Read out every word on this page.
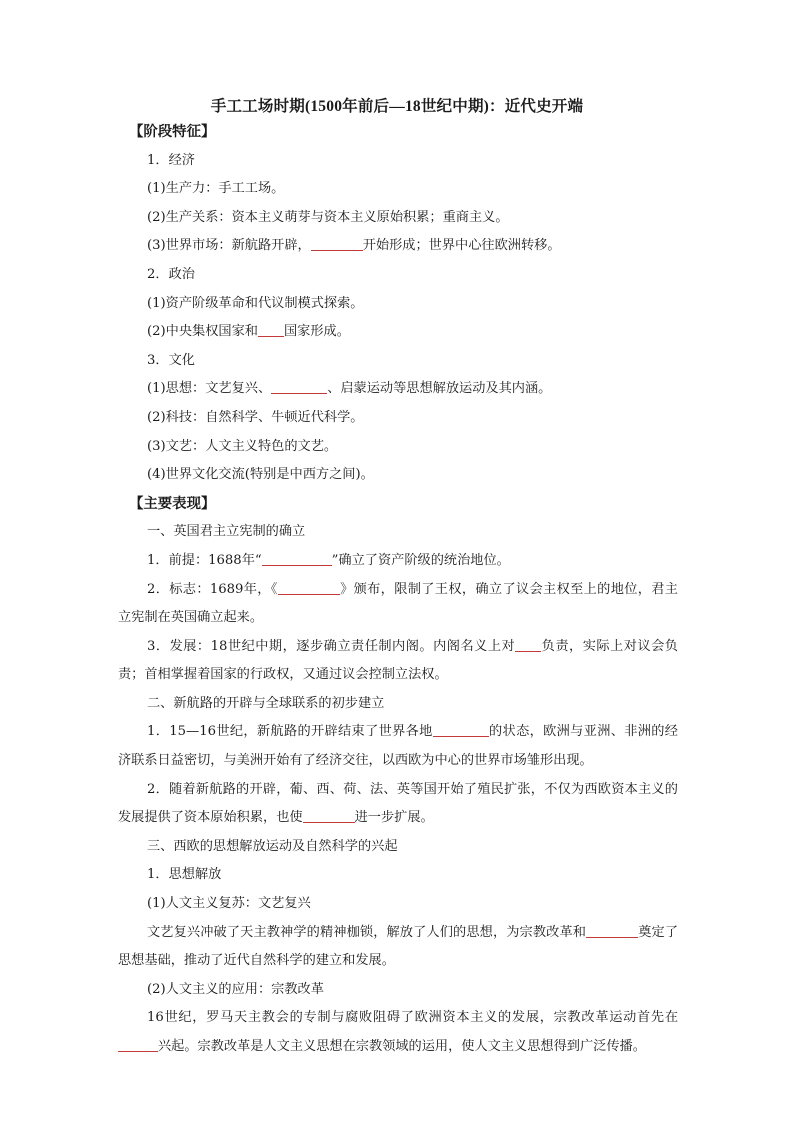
手工工场时期(1500年前后—18世纪中期)：近代史开端

【阶段特征】

1．经济

(1)生产力：手工工场。

(2)生产关系：资本主义萌芽与资本主义原始积累；重商主义。

(3)世界市场：新航路开辟，	开始形成；世界中心往欧洲转移。

2．政治

(1)资产阶级革命和代议制模式探索。

(2)中央集权国家和 国家形成。

3．文化

(1)思想：文艺复兴、	、启蒙运动等思想解放运动及其内涵。

(2)科技：自然科学、牛顿近代科学。

(3)文艺：人文主义特色的文艺。

(4)世界文化交流(特别是中西方之间)。

【主要表现】

一、英国君主立宪制的确立

1．前提：1688年“	”确立了资产阶级的统治地位。

2．标志：1689年，《	》颁布，限制了王权，确立了议会主权至上的地位，君主立宪制在英国确立起来。

3．发展：18世纪中期，逐步确立责任制内阁。内阁名义上对 负责，实际上对议会负责；首相掌握着国家的行政权，又通过议会控制立法权。

二、新航路的开辟与全球联系的初步建立

1．15—16世纪，新航路的开辟结束了世界各地	的状态，欧洲与亚洲、非洲的经济联系日益密切，与美洲开始有了经济交往，以西欧为中心的世界市场雏形出现。

2．随着新航路的开辟，葡、西、荷、法、英等国开始了殖民扩张，不仅为西欧资本主义的发展提供了资本原始积累，也使	进一步扩展。

三、西欧的思想解放运动及自然科学的兴起

1．思想解放

(1)人文主义复苏：文艺复兴

文艺复兴冲破了天主教神学的精神枷锁，解放了人们的思想，为宗教改革和	奠定了思想基础，推动了近代自然科学的建立和发展。

(2)人文主义的应用：宗教改革

16世纪，罗马天主教会的专制与腐败阻碍了欧洲资本主义的发展，宗教改革运动首先在兴起。宗教改革是人文主义思想在宗教领域的运用，使人文主义思想得到广泛传播。
